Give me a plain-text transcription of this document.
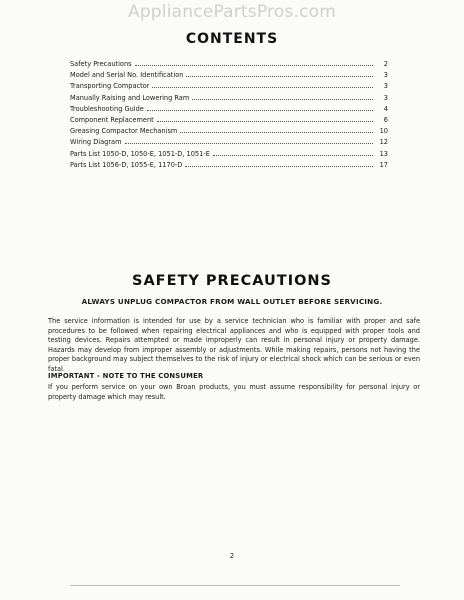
AppliancePartsPros.com
CONTENTS
Safety Precautions	2
Model and Serial No. Identification	3
Transporting Compactor	3
Manually Raising and Lowering Ram	3
Troubleshooting Guide	4
Component Replacement	6
Greasing Compactor Mechanism	10
Wiring Diagram	12
Parts List 1050-D, 1050-E, 1051-D, 1051-E	13
Parts List 1056-D, 1055-E, 1170-D	17
SAFETY PRECAUTIONS
ALWAYS UNPLUG COMPACTOR FROM WALL OUTLET BEFORE SERVICING.

The service information is intended for use by a service technician who is familiar with proper and safe procedures to be followed when repairing electrical appliances and who is equipped with proper tools and testing devices. Repairs attempted or made improperly can result in personal injury or property damage. Hazards may develop from improper assembly or adjustments. While making repairs, persons not having the proper background may subject themselves to the risk of injury or electrical shock which can be serious or even fatal.

IMPORTANT - NOTE TO THE CONSUMER

If you perform service on your own Broan products, you must assume responsibility for personal injury or property damage which may result.

2
